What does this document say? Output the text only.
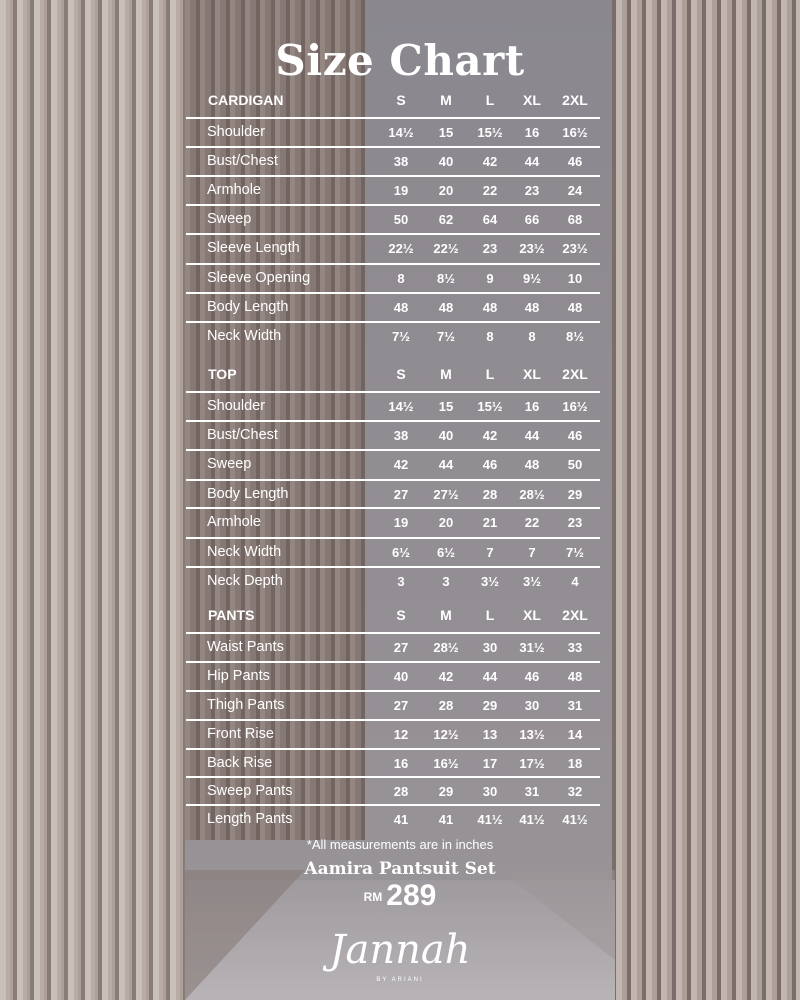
Size Chart
CARDIGAN	S	M	L	XL	2XL
Shoulder	14½	15	15½	16	16½
Bust/Chest	38	40	42	44	46
Armhole	19	20	22	23	24
Sweep	50	62	64	66	68
Sleeve Length	22½	22½	23	23½	23½
Sleeve Opening	8	8½	9	9½	10
Body Length	48	48	48	48	48
Neck Width	7½	7½	8	8	8½
TOP	S	M	L	XL	2XL
Shoulder	14½	15	15½	16	16½
Bust/Chest	38	40	42	44	46
Sweep	42	44	46	48	50
Body Length	27	27½	28	28½	29
Armhole	19	20	21	22	23
Neck Width	6½	6½	7	7	7½
Neck Depth	3	3	3½	3½	4
PANTS	S	M	L	XL	2XL
Waist Pants	27	28½	30	31½	33
Hip Pants	40	42	44	46	48
Thigh Pants	27	28	29	30	31
Front Rise	12	12½	13	13½	14
Back Rise	16	16½	17	17½	18
Sweep Pants	28	29	30	31	32
Length Pants	41	41	41½	41½	41½
*All measurements are in inches
Aamira Pantsuit Set
$^{RM}$ 289
Jannah
BY ARIANI
